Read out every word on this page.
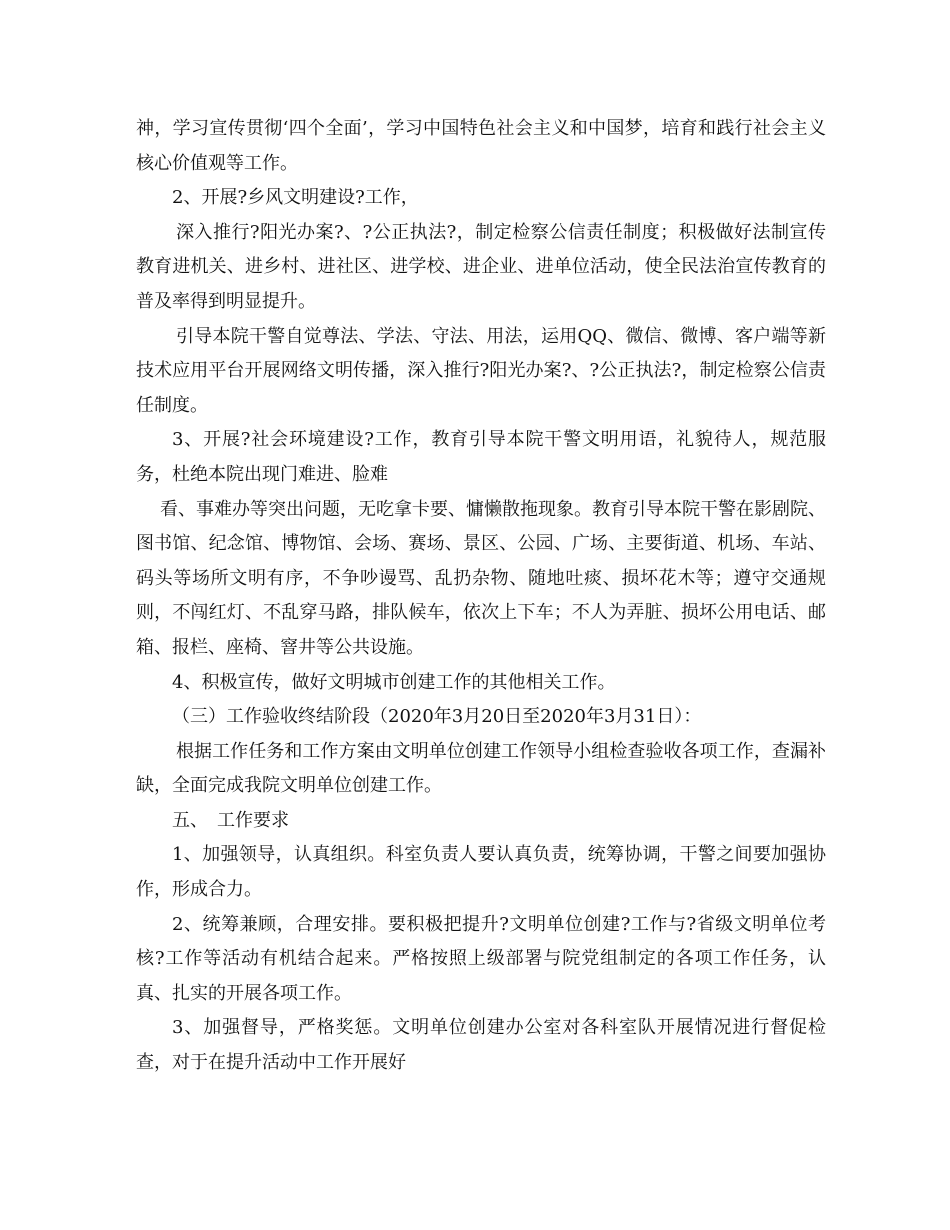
神，学习宣传贯彻‘四个全面’，学习中国特色社会主义和中国梦，培育和践行社会主义核心价值观等工作。

2、开展?乡风文明建设?工作，

深入推行?阳光办案?、?公正执法?，制定检察公信责任制度；积极做好法制宣传教育进机关、进乡村、进社区、进学校、进企业、进单位活动，使全民法治宣传教育的普及率得到明显提升。

引导本院干警自觉尊法、学法、守法、用法，运用QQ、微信、微博、客户端等新技术应用平台开展网络文明传播，深入推行?阳光办案?、?公正执法?，制定检察公信责任制度。

3、开展?社会环境建设?工作，教育引导本院干警文明用语，礼貌待人，规范服务，杜绝本院出现门难进、脸难

看、事难办等突出问题，无吃拿卡要、慵懒散拖现象。教育引导本院干警在影剧院、图书馆、纪念馆、博物馆、会场、赛场、景区、公园、广场、主要街道、机场、车站、码头等场所文明有序，不争吵谩骂、乱扔杂物、随地吐痰、损坏花木等；遵守交通规则，不闯红灯、不乱穿马路，排队候车，依次上下车；不人为弄脏、损坏公用电话、邮箱、报栏、座椅、窨井等公共设施。

4、积极宣传，做好文明城市创建工作的其他相关工作。

（三）工作验收终结阶段（2020年3月20日至2020年3月31日）：

根据工作任务和工作方案由文明单位创建工作领导小组检查验收各项工作，查漏补缺，全面完成我院文明单位创建工作。

五、　工作要求

1、加强领导，认真组织。科室负责人要认真负责，统筹协调，干警之间要加强协作，形成合力。

2、统筹兼顾，合理安排。要积极把提升?文明单位创建?工作与?省级文明单位考核?工作等活动有机结合起来。严格按照上级部署与院党组制定的各项工作任务，认真、扎实的开展各项工作。

3、加强督导，严格奖惩。文明单位创建办公室对各科室队开展情况进行督促检查，对于在提升活动中工作开展好
